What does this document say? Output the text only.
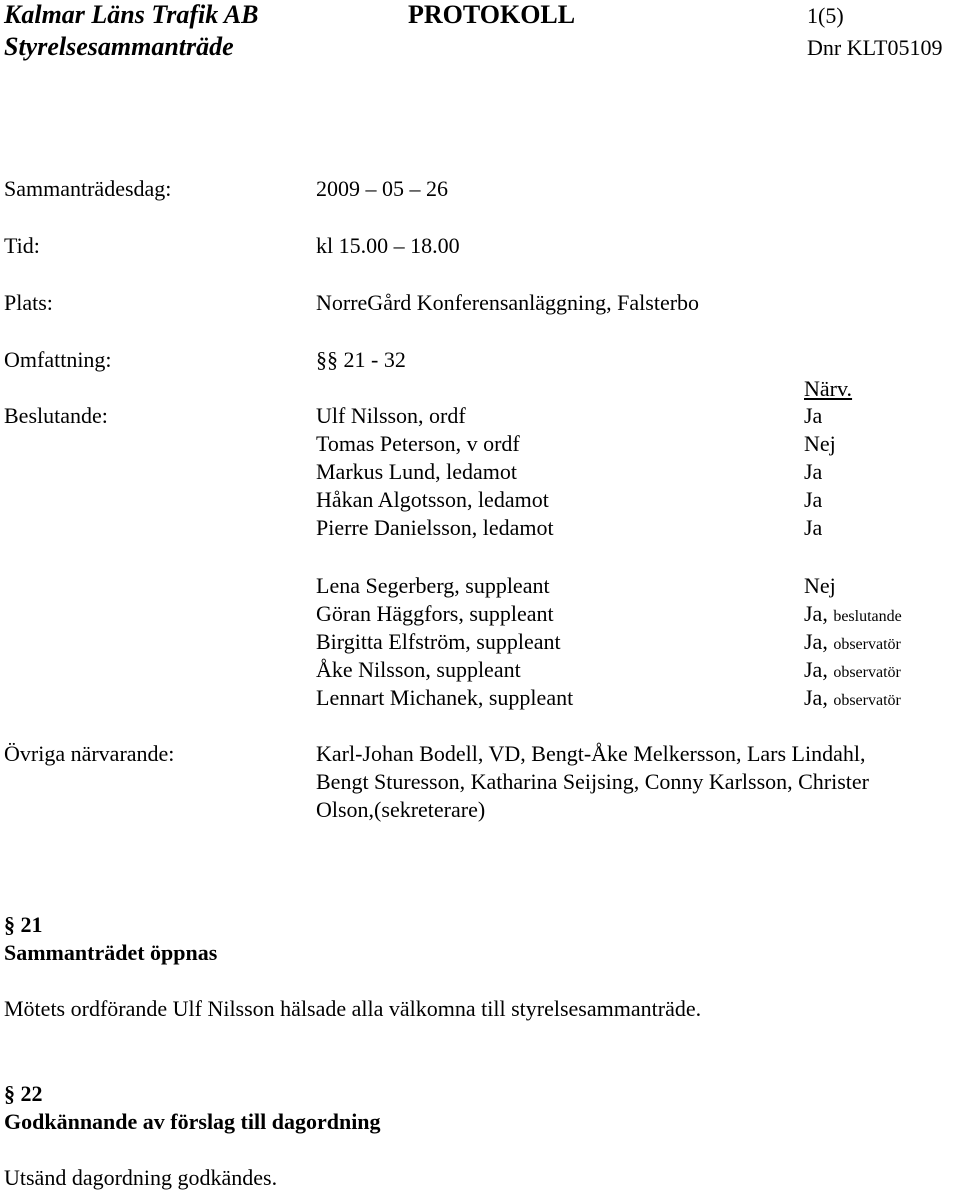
Kalmar Läns Trafik AB	PROTOKOLL	1(5)
Styrelsesammanträde	Dnr KLT05109
Sammanträdesdag:	2009 – 05 – 26
Tid:	kl 15.00 – 18.00
Plats:	NorreGård Konferensanläggning, Falsterbo
Omfattning:	§§ 21 - 32
Närv.
Beslutande:	Ulf Nilsson, ordf	Ja
Tomas Peterson, v ordf	Nej
Markus Lund, ledamot	Ja
Håkan Algotsson, ledamot	Ja
Pierre Danielsson, ledamot	Ja
Lena Segerberg, suppleant	Nej
Göran Häggfors, suppleant	Ja, beslutande
Birgitta Elfström, suppleant	Ja, observatör
Åke Nilsson, suppleant	Ja, observatör
Lennart Michanek, suppleant	Ja, observatör
Övriga närvarande:	Karl-Johan Bodell, VD, Bengt-Åke Melkersson, Lars Lindahl,
Bengt Sturesson, Katharina Seijsing, Conny Karlsson, Christer
Olson,(sekreterare)
§ 21
Sammanträdet öppnas
Mötets ordförande Ulf Nilsson hälsade alla välkomna till styrelsesammanträde.
§ 22
Godkännande av förslag till dagordning
Utsänd dagordning godkändes.
